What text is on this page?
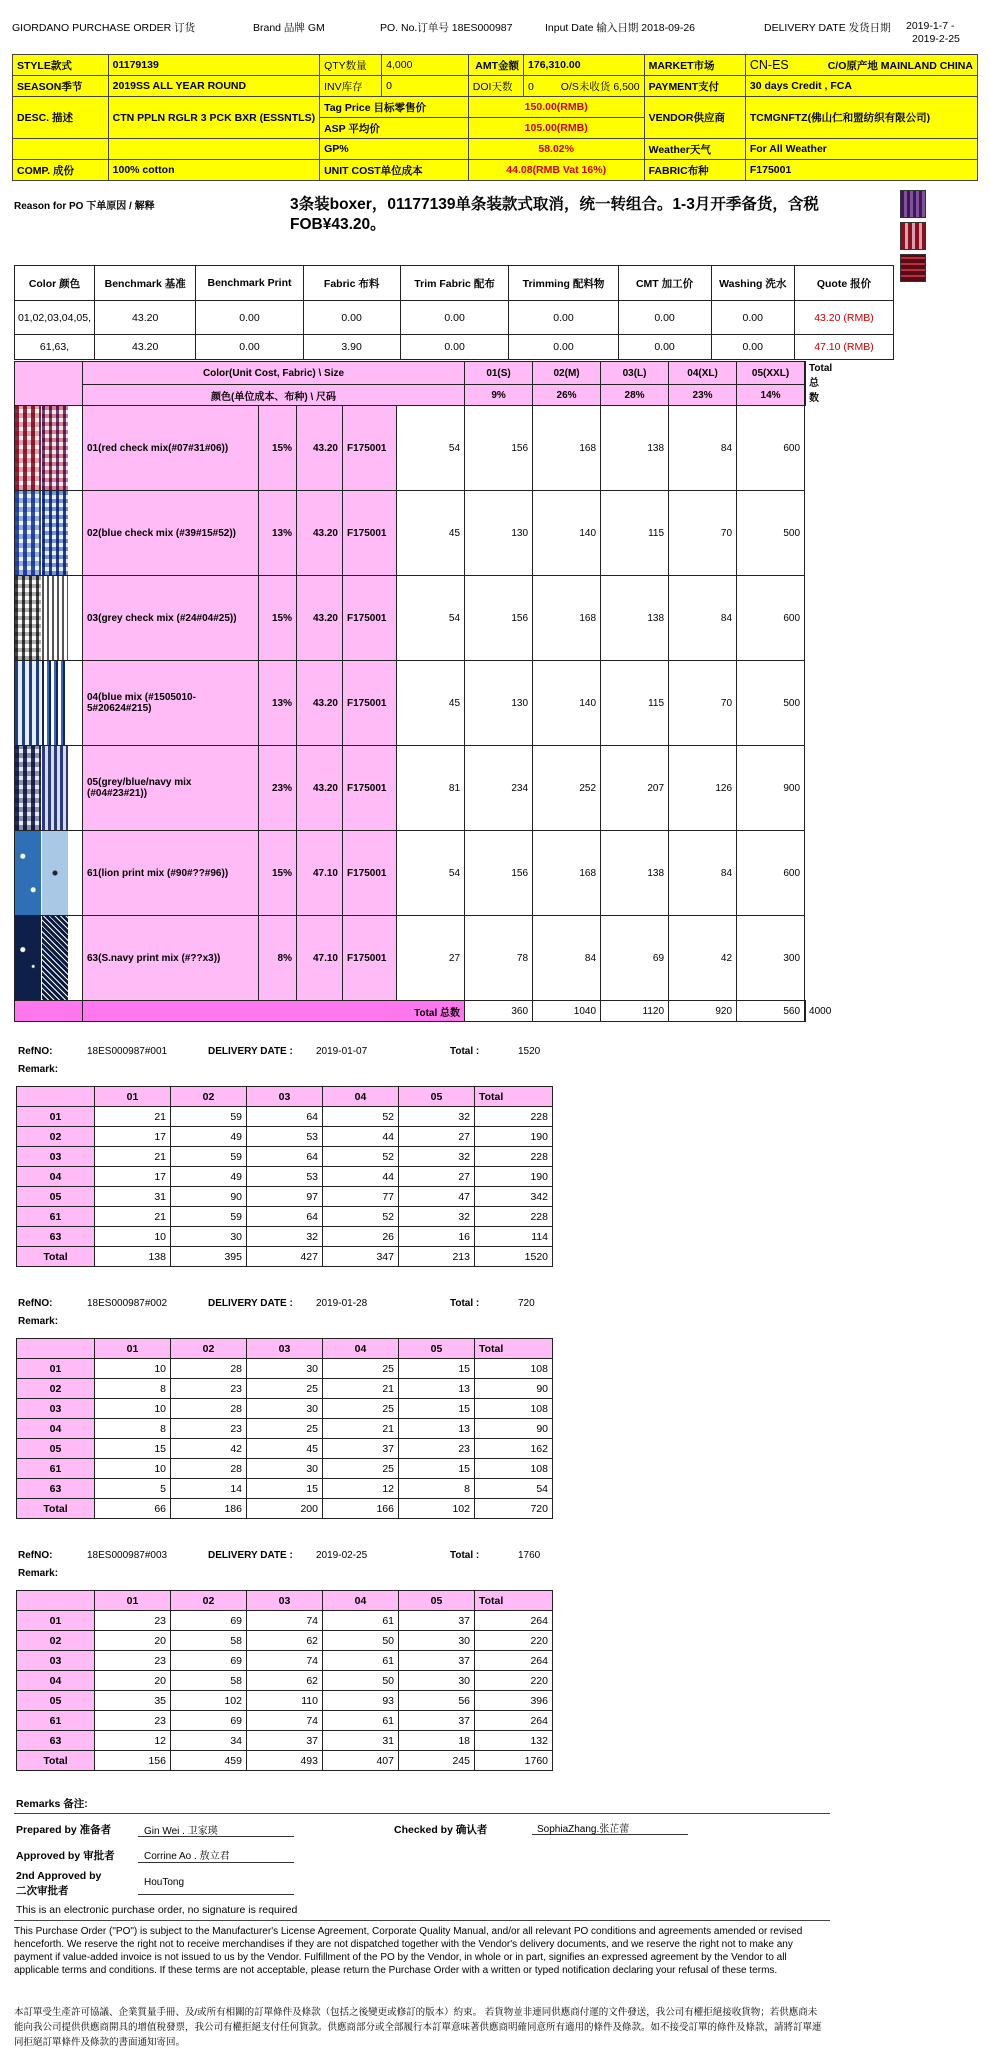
GIORDANO PURCHASE ORDER 订货	Brand 品牌 GM	PO. No.订单号 18ES000987	Input Date 输入日期 2018-09-26	DELIVERY DATE 发货日期 2019-1-7 -
2019-2-25
STYLE款式	01179139	QTY数量	4,000	AMT金额	176,310.00	MARKET市场	CN-ES C/O原产地 MAINLAND CHINA
SEASON季节	2019SS ALL YEAR ROUND	INV库存	0	DOI天数	0 O/S未收货 6,500	PAYMENT支付	30 days Credit , FCA
DESC. 描述	CTN PPLN RGLR 3 PCK BXR (ESSNTLS)	Tag Price 目标零售价		150.00(RMB)		VENDOR供应商	TCMGNFTZ(佛山仁和盟纺织有限公司)
		ASP 平均价		105.00(RMB)			
		GP%		58.02%		Weather天气	For All Weather
COMP. 成份	100% cotton	UNIT COST单位成本		44.08(RMB Vat 16%)		FABRIC布种	F175001
Reason for PO 下单原因 / 解释	3条装boxer，01177139单条装款式取消，统一转组合。1-3月开季备货，含税FOB¥43.20。
Color 颜色	Benchmark 基准	Benchmark Print	Fabric 布料	Trim Fabric 配布	Trimming 配料物	CMT 加工价	Washing 洗水	Quote 报价
01,02,03,04,05,	43.20	0.00	0.00	0.00	0.00	0.00	0.00	43.20 (RMB)
61,63,	43.20	0.00	3.90	0.00	0.00	0.00	0.00	47.10 (RMB)
	Color(Unit Cost, Fabric) \ Size					01(S)	02(M)	03(L)	04(XL)	05(XXL)	Total 总数
	颜色(单位成本、布种) \ 尺码					9%	26%	28%	23%	14%	

	01(red check mix(#07#31#06))	15%	43.20	F175001	54	156	168	138	84	600	

	02(blue check mix (#39#15#52))	13%	43.20	F175001	45	130	140	115	70	500	

	03(grey check mix (#24#04#25))	15%	43.20	F175001	54	156	168	138	84	600	

	04(blue mix (#1505010-5#20624#215)	13%	43.20	F175001	45	130	140	115	70	500	

	05(grey/blue/navy mix (#04#23#21))	23%	43.20	F175001	81	234	252	207	126	900	

	61(lion print mix (#90#??#96))	15%	47.10	F175001	54	156	168	138	84	600	

	63(S.navy print mix (#??x3))	8%	47.10	F175001	27	78	84	69	42	300	
	Total 总数					360	1040	1120	920	560	4000
RefNO:	18ES000987#001	DELIVERY DATE : 2019-01-07	Total :	1520
Remark:
	01	02	03	04	05	Total
01	21	59	64	52	32	228
02	17	49	53	44	27	190
03	21	59	64	52	32	228
04	17	49	53	44	27	190
05	31	90	97	77	47	342
61	21	59	64	52	32	228
63	10	30	32	26	16	114
Total	138	395	427	347	213	1520
RefNO:	18ES000987#002	DELIVERY DATE : 2019-01-28	Total :	720
Remark:
	01	02	03	04	05	Total
01	10	28	30	25	15	108
02	8	23	25	21	13	90
03	10	28	30	25	15	108
04	8	23	25	21	13	90
05	15	42	45	37	23	162
61	10	28	30	25	15	108
63	5	14	15	12	8	54
Total	66	186	200	166	102	720
RefNO:	18ES000987#003	DELIVERY DATE : 2019-02-25	Total :	1760
Remark:
	01	02	03	04	05	Total
01	23	69	74	61	37	264
02	20	58	62	50	30	220
03	23	69	74	61	37	264
04	20	58	62	50	30	220
05	35	102	110	93	56	396
61	23	69	74	61	37	264
63	12	34	37	31	18	132
Total	156	459	493	407	245	1760
Remarks 备注:
Prepared by 准备者	Gin Wei . 卫家瑛	Checked by 确认者	SophiaZhang.张芷蕾
Approved by 审批者	Corrine Ao . 敖立君
2nd Approved by
二次审批者
HouTong
This is an electronic purchase order, no signature is required
This Purchase Order ("PO") is subject to the Manufacturer's License Agreement, Corporate Quality Manual, and/or all relevant PO conditions and agreements amended or revised henceforth. We reserve the right not to receive merchandises if they are not dispatched together with the Vendor's delivery documents, and we reserve the right not to make any payment if value-added invoice is not issued to us by the Vendor. Fulfillment of the PO by the Vendor, in whole or in part, signifies an expressed agreement by the Vendor to all applicable terms and conditions. If these terms are not acceptable, please return the Purchase Order with a written or typed notification declaring your refusal of these terms.
本訂單受生產許可協議、企業質量手冊、及/或所有相關的訂單條件及條款（包括之後變更或修訂的版本）約束。 若貨物並非連同供應商付運的文件發送，我公司有權拒絕接收貨物；若供應商未能向我公司提供供應商開具的增值稅發票，我公司有權拒絕支付任何貨款。供應商部分或全部履行本訂單意味著供應商明確同意所有適用的條件及條款。如不接受訂單的條件及條款，請將訂單連同拒絕訂單條件及條款的書面通知寄回。
